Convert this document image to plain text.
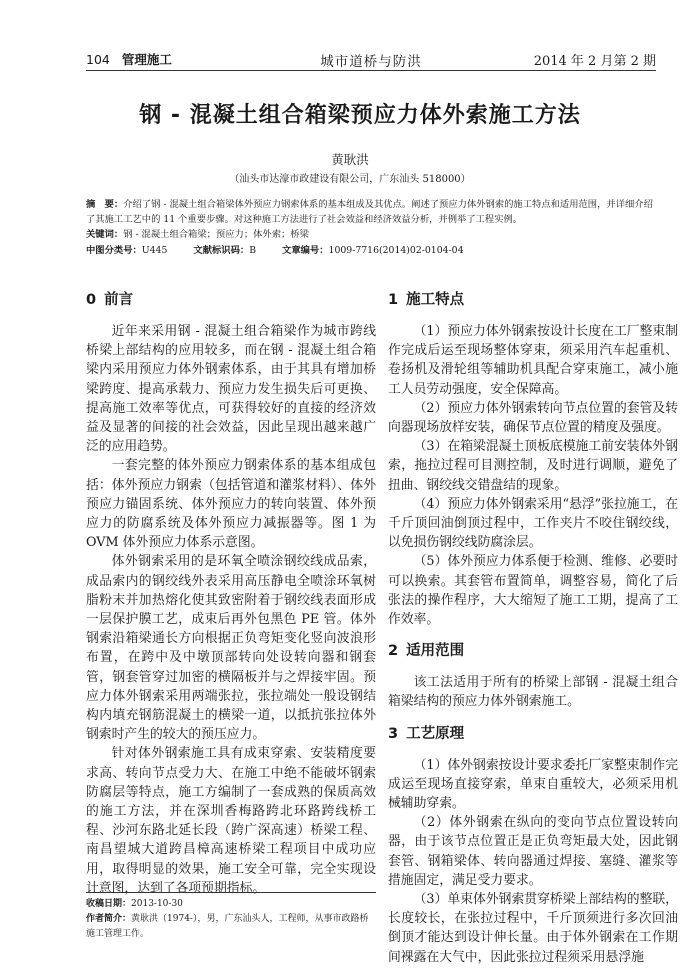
104 管理施工	城市道桥与防洪	2014 年 2 月第 2 期
钢 - 混凝土组合箱梁预应力体外索施工方法
黄耿洪
（汕头市达濠市政建设有限公司，广东汕头 518000）

摘　要：介绍了钢 - 混凝土组合箱梁体外预应力钢索体系的基本组成及其优点。阐述了预应力体外钢索的施工特点和适用范围，并详细介绍了其施工工艺中的 11 个重要步骤。对这种施工方法进行了社会效益和经济效益分析，并例举了工程实例。

关键词：钢 - 混凝土组合箱梁；预应力；体外索；桥梁

中图分类号：U445	文献标识码：B	文章编号：1009-7716(2014)02-0104-04

0 前言

近年来采用钢 - 混凝土组合箱梁作为城市跨线桥梁上部结构的应用较多，而在钢 - 混凝土组合箱梁内采用预应力体外钢索体系，由于其具有增加桥梁跨度、提高承载力、预应力发生损失后可更换、提高施工效率等优点，可获得较好的直接的经济效益及显著的间接的社会效益，因此呈现出越来越广泛的应用趋势。

一套完整的体外预应力钢索体系的基本组成包括：体外预应力钢索（包括管道和灌浆材料）、体外预应力锚固系统、体外预应力的转向装置、体外预应力的防腐系统及体外预应力减振器等。图 1 为 OVM 体外预应力体系示意图。

体外钢索采用的是环氧全喷涂钢绞线成品索，成品索内的钢绞线外表采用高压静电全喷涂环氧树脂粉末并加热熔化使其致密附着于钢绞线表面形成一层保护膜工艺，成束后再外包黑色 PE 管。体外钢索沿箱梁通长方向根据正负弯矩变化竖向波浪形布置，在跨中及中墩顶部转向处设转向器和钢套管，钢套管穿过加密的横隔板并与之焊接牢固。预应力体外钢索采用两端张拉，张拉端处一般设钢结构内填充钢筋混凝土的横梁一道，以抵抗张拉体外钢索时产生的较大的预压应力。

针对体外钢索施工具有成束穿索、安装精度要求高、转向节点受力大、在施工中绝不能破坏钢索防腐层等特点，施工方编制了一套成熟的保质高效的施工方法，并在深圳香梅路跨北环路跨线桥工程、沙河东路北延长段（跨广深高速）桥梁工程、南昌望城大道跨昌樟高速桥梁工程项目中成功应用，取得明显的效果，施工安全可靠，完全实现设计意图，达到了各项预期指标。

1 施工特点

（1）预应力体外钢索按设计长度在工厂整束制作完成后运至现场整体穿束，须采用汽车起重机、卷扬机及滑轮组等辅助机具配合穿束施工，减小施工人员劳动强度，安全保障高。

（2）预应力体外钢索转向节点位置的套管及转向器现场放样安装，确保节点位置的精度及强度。

（3）在箱梁混凝土顶板底模施工前安装体外钢索，拖拉过程可目测控制，及时进行调顺，避免了扭曲、钢绞线交错盘结的现象。

（4）预应力体外钢索采用“悬浮”张拉施工，在千斤顶回油倒顶过程中，工作夹片不咬住钢绞线，以免损伤钢绞线防腐涂层。

（5）体外预应力体系便于检测、维修、必要时可以换索。其套管布置简单，调整容易，简化了后张法的操作程序，大大缩短了施工工期，提高了工作效率。

2 适用范围

该工法适用于所有的桥梁上部钢 - 混凝土组合箱梁结构的预应力体外钢索施工。

3 工艺原理

（1）体外钢索按设计要求委托厂家整束制作完成运至现场直接穿索，单束自重较大，必须采用机械辅助穿索。

（2）体外钢索在纵向的变向节点位置设转向器，由于该节点位置正是正负弯矩最大处，因此钢套管、钢箱梁体、转向器通过焊接、塞缝、灌浆等措施固定，满足受力要求。

（3）单束体外钢索贯穿桥梁上部结构的整联，长度较长，在张拉过程中，千斤顶须进行多次回油倒顶才能达到设计伸长量。由于体外钢索在工作期间裸露在大气中，因此张拉过程须采用悬浮施

收稿日期：2013-10-30

作者简介：黄耿洪（1974-），男，广东汕头人，工程师，从事市政路桥施工管理工作。
